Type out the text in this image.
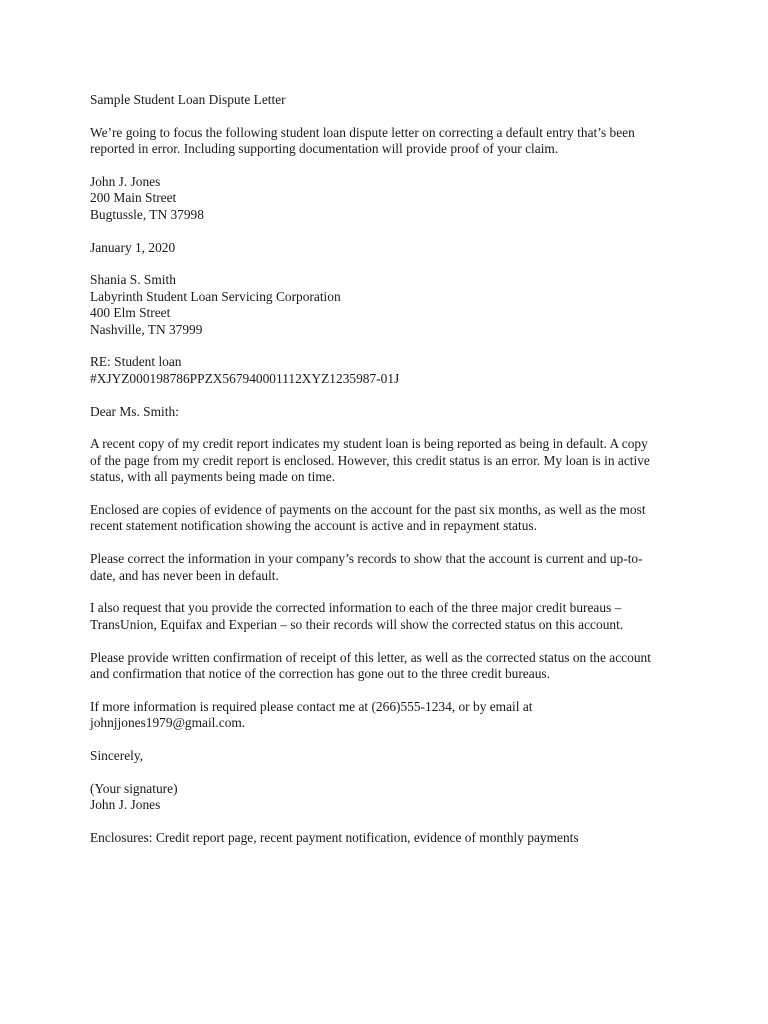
Sample Student Loan Dispute Letter
We’re going to focus the following student loan dispute letter on correcting a default entry that’s been
reported in error. Including supporting documentation will provide proof of your claim.
John J. Jones
200 Main Street
Bugtussle, TN 37998
January 1, 2020
Shania S. Smith
Labyrinth Student Loan Servicing Corporation
400 Elm Street
Nashville, TN 37999
RE: Student loan
#XJYZ000198786PPZX567940001112XYZ1235987-01J
Dear Ms. Smith:
A recent copy of my credit report indicates my student loan is being reported as being in default. A copy
of the page from my credit report is enclosed. However, this credit status is an error. My loan is in active
status, with all payments being made on time.
Enclosed are copies of evidence of payments on the account for the past six months, as well as the most
recent statement notification showing the account is active and in repayment status.
Please correct the information in your company’s records to show that the account is current and up-to-
date, and has never been in default.
I also request that you provide the corrected information to each of the three major credit bureaus –
TransUnion, Equifax and Experian – so their records will show the corrected status on this account.
Please provide written confirmation of receipt of this letter, as well as the corrected status on the account
and confirmation that notice of the correction has gone out to the three credit bureaus.
If more information is required please contact me at (266)555-1234, or by email at
johnjjones1979@gmail.com.
Sincerely,
(Your signature)
John J. Jones
Enclosures: Credit report page, recent payment notification, evidence of monthly payments
